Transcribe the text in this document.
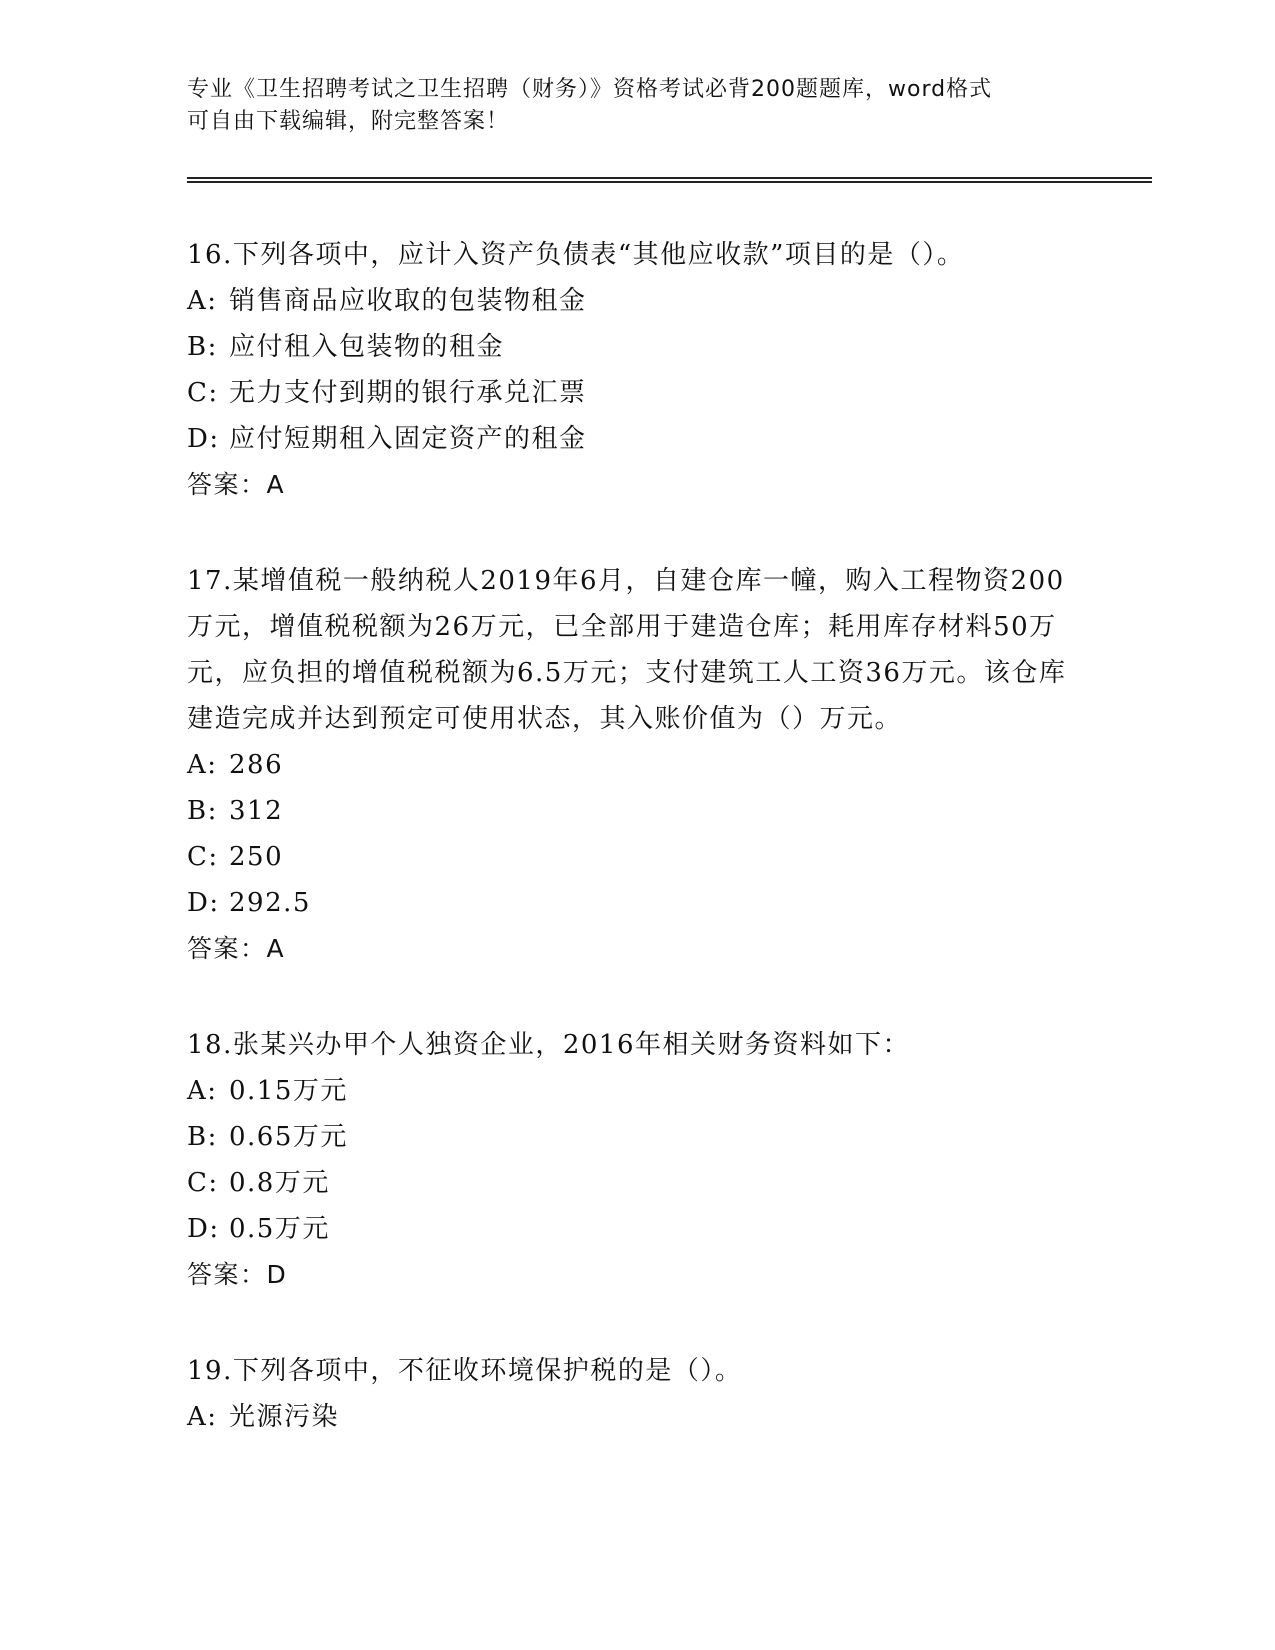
专业《卫生招聘考试之卫生招聘（财务）》资格考试必背200题题库，word格式
可自由下载编辑，附完整答案！

16.下列各项中，应计入资产负债表“其他应收款”项目的是（）。

A: 销售商品应收取的包装物租金
B: 应付租入包装物的租金
C: 无力支付到期的银行承兑汇票
D: 应付短期租入固定资产的租金
答案：A

17.某增值税一般纳税人2019年6月，自建仓库一幢，购入工程物资200万元，增值税税额为26万元，已全部用于建造仓库；耗用库存材料50万元，应负担的增值税税额为6.5万元；支付建筑工人工资36万元。该仓库建造完成并达到预定可使用状态，其入账价值为（）万元。

A: 286
B: 312
C: 250
D: 292.5
答案：A

18.张某兴办甲个人独资企业，2016年相关财务资料如下：

A: 0.15万元
B: 0.65万元
C: 0.8万元
D: 0.5万元
答案：D

19.下列各项中，不征收环境保护税的是（）。

A: 光源污染
